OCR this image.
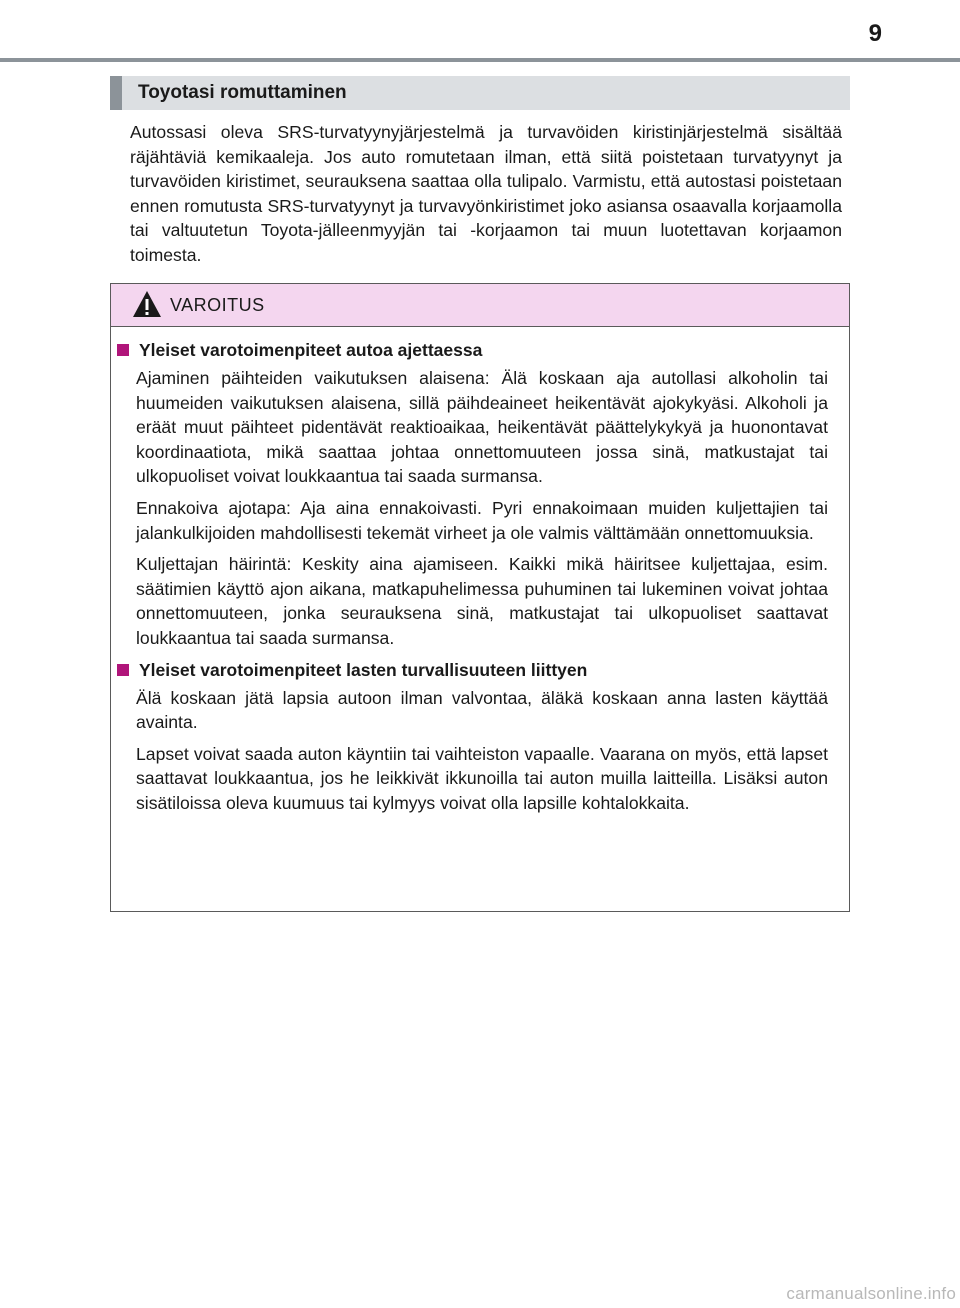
9
Toyotasi romuttaminen

Autossasi oleva SRS-turvatyynyjärjestelmä ja turvavöiden kiristinjärjestelmä sisältää räjähtäviä kemikaaleja. Jos auto romutetaan ilman, että siitä poistetaan turvatyynyt ja turvavöiden kiristimet, seurauksena saattaa olla tulipalo. Varmistu, että autostasi poistetaan ennen romutusta SRS-turvatyynyt ja turvavyönkiristimet joko asiansa osaavalla korjaamolla tai valtuutetun Toyota-jälleenmyyjän tai -korjaamon tai muun luotettavan korjaamon toimesta.

VAROITUS
Yleiset varotoimenpiteet autoa ajettaessa

Ajaminen päihteiden vaikutuksen alaisena: Älä koskaan aja autollasi alkoholin tai huumeiden vaikutuksen alaisena, sillä päihdeaineet heikentävät ajokykyäsi. Alkoholi ja eräät muut päihteet pidentävät reaktioaikaa, heikentävät päättelykykyä ja huonontavat koordinaatiota, mikä saattaa johtaa onnettomuuteen jossa sinä, matkustajat tai ulkopuoliset voivat loukkaantua tai saada surmansa.

Ennakoiva ajotapa: Aja aina ennakoivasti. Pyri ennakoimaan muiden kuljettajien tai jalankulkijoiden mahdollisesti tekemät virheet ja ole valmis välttämään onnettomuuksia.

Kuljettajan häirintä: Keskity aina ajamiseen. Kaikki mikä häiritsee kuljettajaa, esim. säätimien käyttö ajon aikana, matkapuhelimessa puhuminen tai lukeminen voivat johtaa onnettomuuteen, jonka seurauksena sinä, matkustajat tai ulkopuoliset saattavat loukkaantua tai saada surmansa.

Yleiset varotoimenpiteet lasten turvallisuuteen liittyen

Älä koskaan jätä lapsia autoon ilman valvontaa, äläkä koskaan anna lasten käyttää avainta.

Lapset voivat saada auton käyntiin tai vaihteiston vapaalle. Vaarana on myös, että lapset saattavat loukkaantua, jos he leikkivät ikkunoilla tai auton muilla laitteilla. Lisäksi auton sisätiloissa oleva kuumuus tai kylmyys voivat olla lapsille kohtalokkaita.

carmanualsonline.info
